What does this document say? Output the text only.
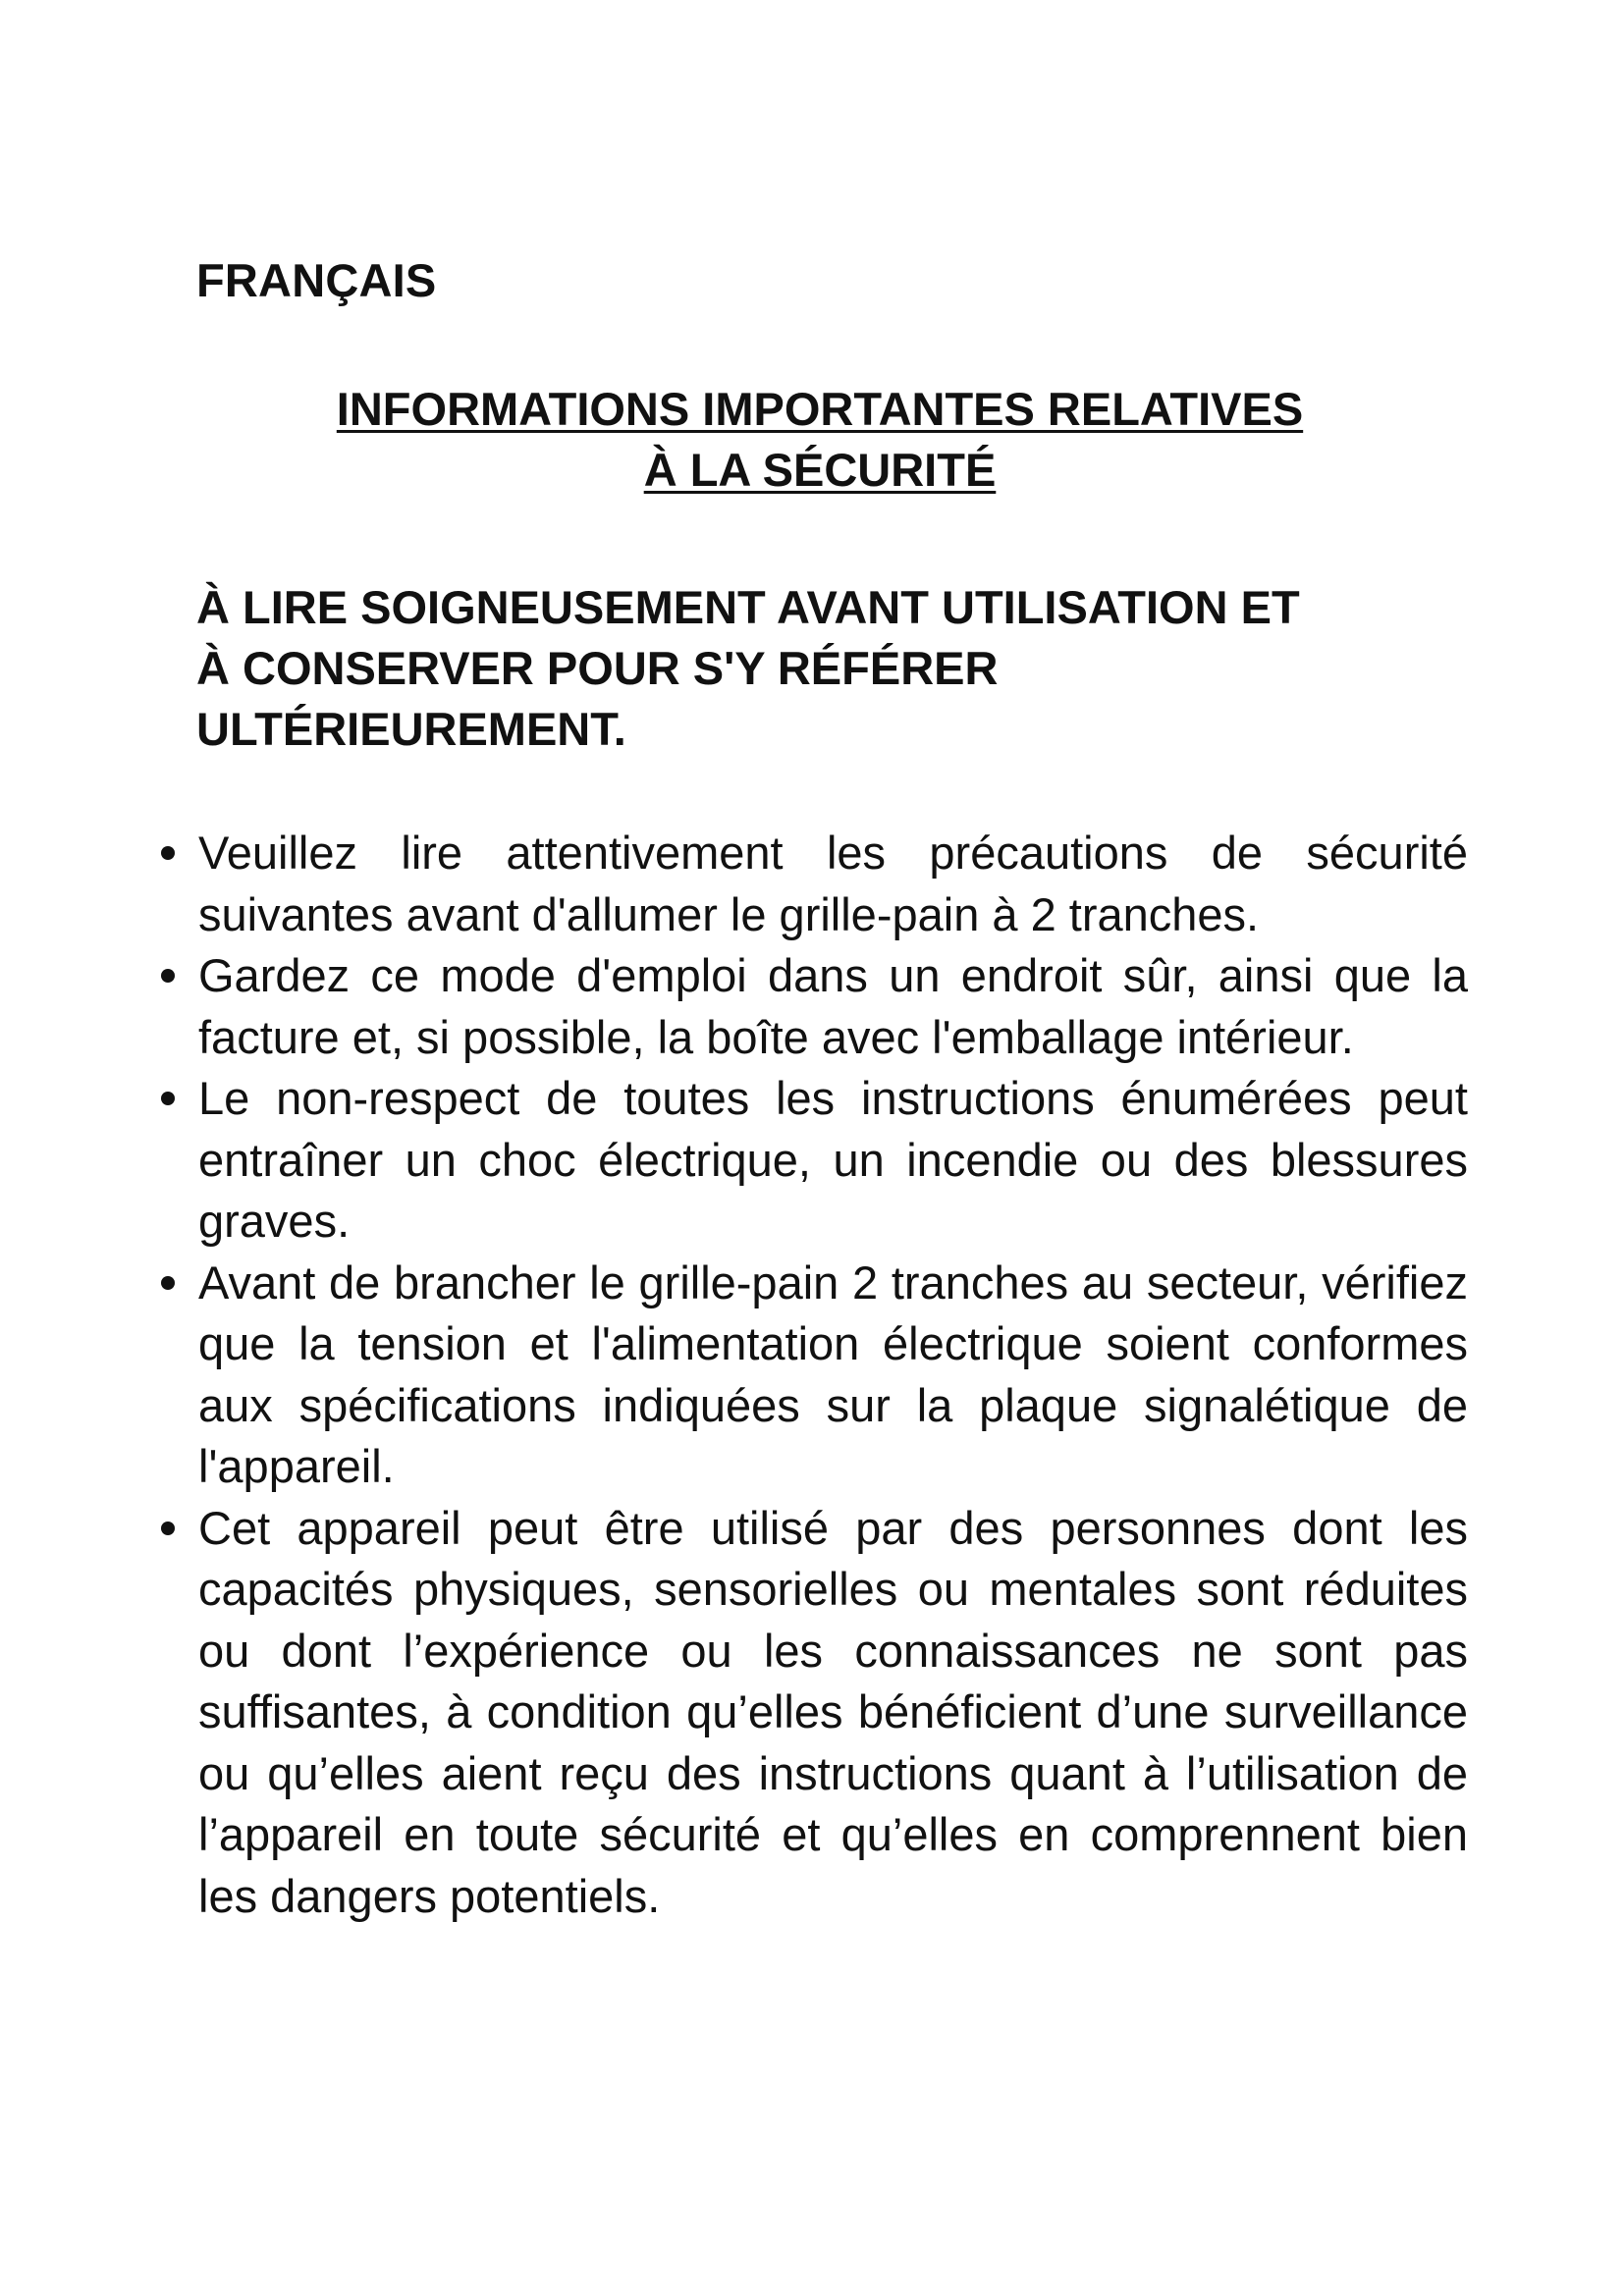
FRANÇAIS

INFORMATIONS IMPORTANTES RELATIVES
À LA SÉCURITÉ

À LIRE SOIGNEUSEMENT AVANT UTILISATION ET
À CONSERVER POUR S'Y RÉFÉRER
ULTÉRIEUREMENT.

Veuillez lire attentivement les précautions de sécurité suivantes avant d'allumer le grille-pain à 2 tranches.
Gardez ce mode d'emploi dans un endroit sûr, ainsi que la facture et, si possible, la boîte avec l'emballage intérieur.
Le non-respect de toutes les instructions énumérées peut entraîner un choc électrique, un incendie ou des blessures graves.
Avant de brancher le grille-pain 2 tranches au secteur, vérifiez que la tension et l'alimentation électrique soient conformes aux spécifications indiquées sur la plaque signalétique de l'appareil.
Cet appareil peut être utilisé par des personnes dont les capacités physiques, sensorielles ou mentales sont réduites ou dont l’expérience ou les connaissances ne sont pas suffisantes, à condition qu’elles bénéficient d’une surveillance ou qu’elles aient reçu des instructions quant à l’utilisation de l’appareil en toute sécurité et qu’elles en comprennent bien les dangers potentiels.
